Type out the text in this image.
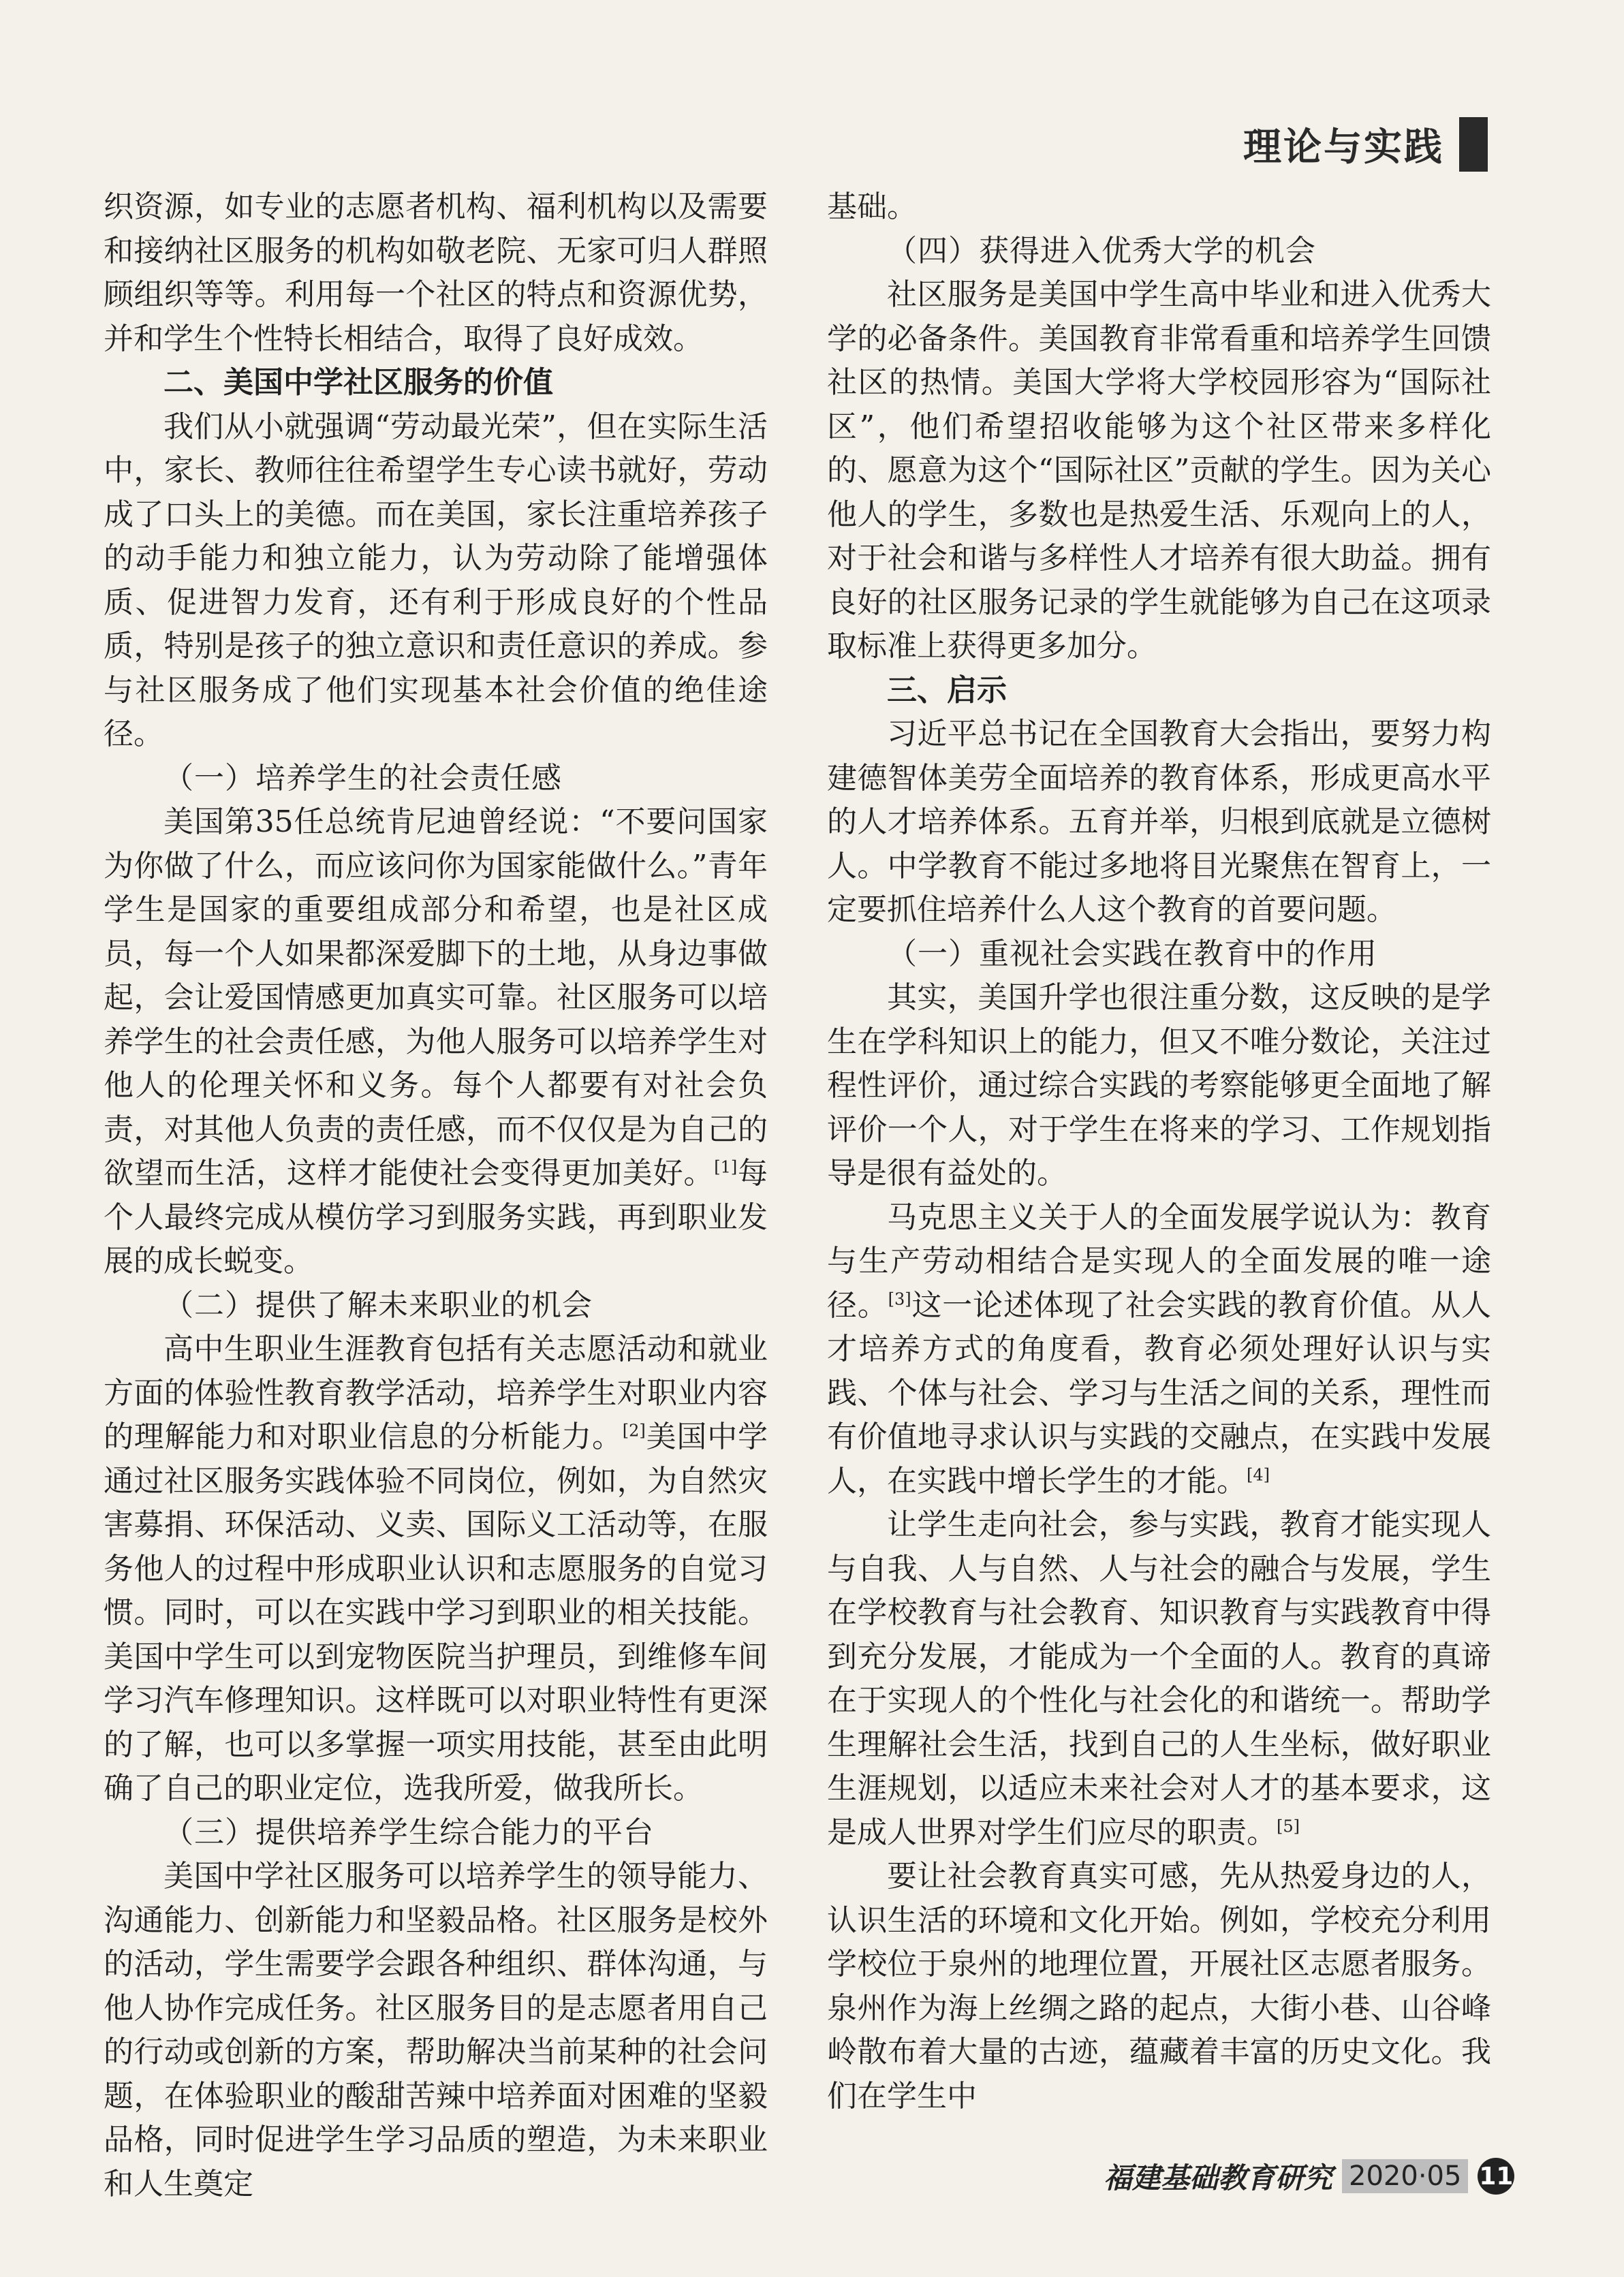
理论与实践

织资源，如专业的志愿者机构、福利机构以及需要和接纳社区服务的机构如敬老院、无家可归人群照顾组织等等。利用每一个社区的特点和资源优势，并和学生个性特长相结合，取得了良好成效。

二、美国中学社区服务的价值

我们从小就强调“劳动最光荣”，但在实际生活中，家长、教师往往希望学生专心读书就好，劳动成了口头上的美德。而在美国，家长注重培养孩子的动手能力和独立能力，认为劳动除了能增强体质、促进智力发育，还有利于形成良好的个性品质，特别是孩子的独立意识和责任意识的养成。参与社区服务成了他们实现基本社会价值的绝佳途径。

（一）培养学生的社会责任感

美国第35任总统肯尼迪曾经说：“不要问国家为你做了什么，而应该问你为国家能做什么。”青年学生是国家的重要组成部分和希望，也是社区成员，每一个人如果都深爱脚下的土地，从身边事做起，会让爱国情感更加真实可靠。社区服务可以培养学生的社会责任感，为他人服务可以培养学生对他人的伦理关怀和义务。每个人都要有对社会负责，对其他人负责的责任感，而不仅仅是为自己的欲望而生活，这样才能使社会变得更加美好。[1]每个人最终完成从模仿学习到服务实践，再到职业发展的成长蜕变。

（二）提供了解未来职业的机会

高中生职业生涯教育包括有关志愿活动和就业方面的体验性教育教学活动，培养学生对职业内容的理解能力和对职业信息的分析能力。[2]美国中学通过社区服务实践体验不同岗位，例如，为自然灾害募捐、环保活动、义卖、国际义工活动等，在服务他人的过程中形成职业认识和志愿服务的自觉习惯。同时，可以在实践中学习到职业的相关技能。美国中学生可以到宠物医院当护理员，到维修车间学习汽车修理知识。这样既可以对职业特性有更深的了解，也可以多掌握一项实用技能，甚至由此明确了自己的职业定位，选我所爱，做我所长。

（三）提供培养学生综合能力的平台

美国中学社区服务可以培养学生的领导能力、沟通能力、创新能力和坚毅品格。社区服务是校外的活动，学生需要学会跟各种组织、群体沟通，与他人协作完成任务。社区服务目的是志愿者用自己的行动或创新的方案，帮助解决当前某种的社会问题，在体验职业的酸甜苦辣中培养面对困难的坚毅品格，同时促进学生学习品质的塑造，为未来职业和人生奠定

基础。

（四）获得进入优秀大学的机会

社区服务是美国中学生高中毕业和进入优秀大学的必备条件。美国教育非常看重和培养学生回馈社区的热情。美国大学将大学校园形容为“国际社区”，他们希望招收能够为这个社区带来多样化的、愿意为这个“国际社区”贡献的学生。因为关心他人的学生，多数也是热爱生活、乐观向上的人，对于社会和谐与多样性人才培养有很大助益。拥有良好的社区服务记录的学生就能够为自己在这项录取标准上获得更多加分。

三、启示

习近平总书记在全国教育大会指出，要努力构建德智体美劳全面培养的教育体系，形成更高水平的人才培养体系。五育并举，归根到底就是立德树人。中学教育不能过多地将目光聚焦在智育上，一定要抓住培养什么人这个教育的首要问题。

（一）重视社会实践在教育中的作用

其实，美国升学也很注重分数，这反映的是学生在学科知识上的能力，但又不唯分数论，关注过程性评价，通过综合实践的考察能够更全面地了解评价一个人，对于学生在将来的学习、工作规划指导是很有益处的。

马克思主义关于人的全面发展学说认为：教育与生产劳动相结合是实现人的全面发展的唯一途径。[3]这一论述体现了社会实践的教育价值。从人才培养方式的角度看，教育必须处理好认识与实践、个体与社会、学习与生活之间的关系，理性而有价值地寻求认识与实践的交融点，在实践中发展人，在实践中增长学生的才能。[4]

让学生走向社会，参与实践，教育才能实现人与自我、人与自然、人与社会的融合与发展，学生在学校教育与社会教育、知识教育与实践教育中得到充分发展，才能成为一个全面的人。教育的真谛在于实现人的个性化与社会化的和谐统一。帮助学生理解社会生活，找到自己的人生坐标，做好职业生涯规划，以适应未来社会对人才的基本要求，这是成人世界对学生们应尽的职责。[5]

要让社会教育真实可感，先从热爱身边的人，认识生活的环境和文化开始。例如，学校充分利用学校位于泉州的地理位置，开展社区志愿者服务。泉州作为海上丝绸之路的起点，大街小巷、山谷峰岭散布着大量的古迹，蕴藏着丰富的历史文化。我们在学生中

福建基础教育研究 2020·05 11
